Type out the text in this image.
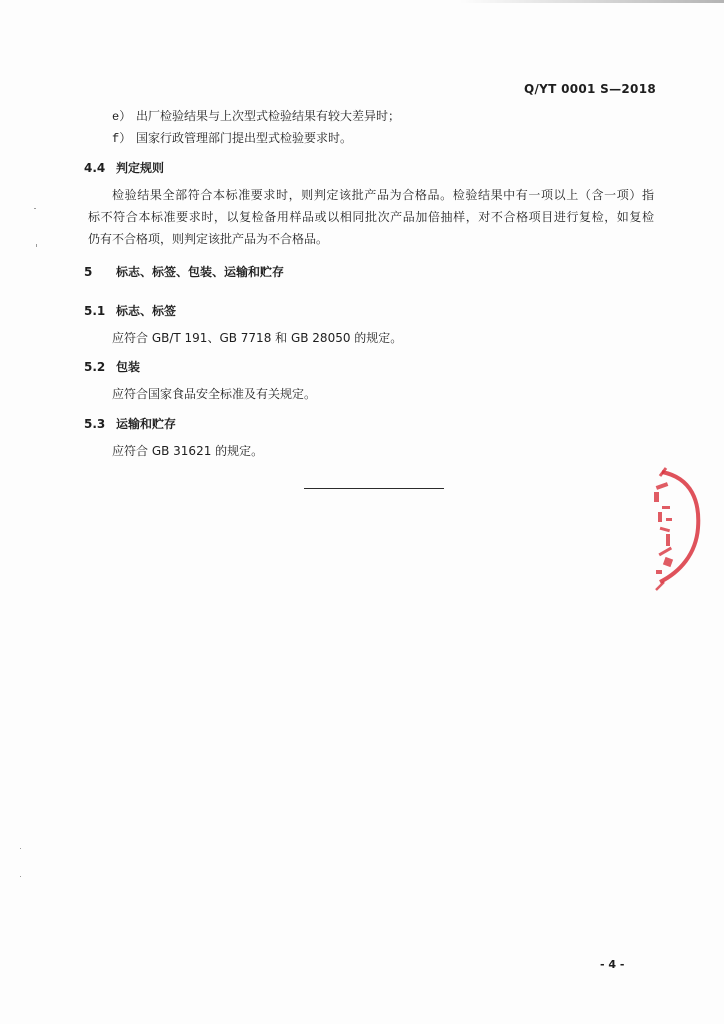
Q/YT 0001 S—2018
e） 出厂检验结果与上次型式检验结果有较大差异时；
f） 国家行政管理部门提出型式检验要求时。
4.4 判定规则
检验结果全部符合本标准要求时，则判定该批产品为合格品。检验结果中有一项以上（含一项）指
标不符合本标准要求时，以复检备用样品或以相同批次产品加倍抽样，对不合格项目进行复检，如复检
仍有不合格项，则判定该批产品为不合格品。
5 标志、标签、包装、运输和贮存
5.1 标志、标签
应符合 GB/T 191、GB 7718 和 GB 28050 的规定。
5.2 包装
应符合国家食品安全标准及有关规定。
5.3 运输和贮存
应符合 GB 31621 的规定。
- 4 -
